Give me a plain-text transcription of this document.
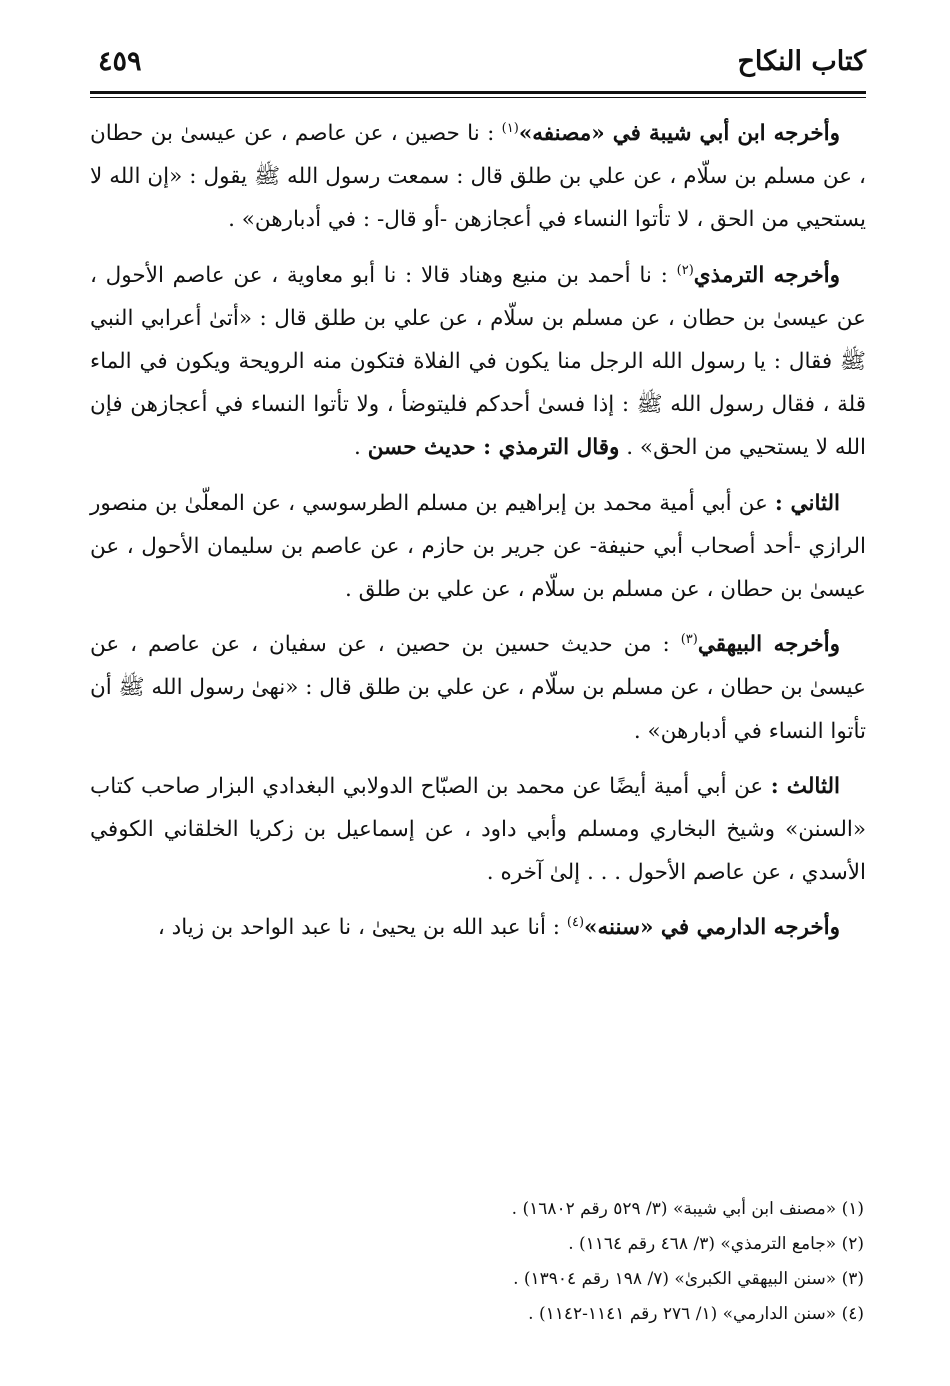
كتاب النكاح
٤٥٩

وأخرجه ابن أبي شيبة في «مصنفه»$^{(١)}$ : نا حصين ، عن عاصم ، عن عيسىٰ بن حطان ، عن مسلم بن سلّام ، عن علي بن طلق قال : سمعت رسول الله ﷺ يقول : «إن الله لا يستحيي من الحق ، لا تأتوا النساء في أعجازهن -أو قال- : في أدبارهن» .

وأخرجه الترمذي$^{(٢)}$ : نا أحمد بن منيع وهناد قالا : نا أبو معاوية ، عن عاصم الأحول ، عن عيسىٰ بن حطان ، عن مسلم بن سلّام ، عن علي بن طلق قال : «أتىٰ أعرابي النبي ﷺ فقال : يا رسول الله الرجل منا يكون في الفلاة فتكون منه الرويحة ويكون في الماء قلة ، فقال رسول الله ﷺ : إذا فسىٰ أحدكم فليتوضأ ، ولا تأتوا النساء في أعجازهن فإن الله لا يستحيي من الحق» . وقال الترمذي : حديث حسن .

الثاني : عن أبي أمية محمد بن إبراهيم بن مسلم الطرسوسي ، عن المعلّىٰ بن منصور الرازي -أحد أصحاب أبي حنيفة- عن جرير بن حازم ، عن عاصم بن سليمان الأحول ، عن عيسىٰ بن حطان ، عن مسلم بن سلّام ، عن علي بن طلق .

وأخرجه البيهقي$^{(٣)}$ : من حديث حسين بن حصين ، عن سفيان ، عن عاصم ، عن عيسىٰ بن حطان ، عن مسلم بن سلّام ، عن علي بن طلق قال : «نهىٰ رسول الله ﷺ أن تأتوا النساء في أدبارهن» .

الثالث : عن أبي أمية أيضًا عن محمد بن الصبّاح الدولابي البغدادي البزار صاحب كتاب «السنن» وشيخ البخاري ومسلم وأبي داود ، عن إسماعيل بن زكريا الخلقاني الكوفي الأسدي ، عن عاصم الأحول . . . إلىٰ آخره .

وأخرجه الدارمي في «سننه»$^{(٤)}$ : أنا عبد الله بن يحيىٰ ، نا عبد الواحد بن زياد ،

(١) «مصنف ابن أبي شيبة» (٣/ ٥٢٩ رقم ١٦٨٠٢) .

(٢) «جامع الترمذي» (٣/ ٤٦٨ رقم ١١٦٤) .

(٣) «سنن البيهقي الكبرىٰ» (٧/ ١٩٨ رقم ١٣٩٠٤) .

(٤) «سنن الدارمي» (١/ ٢٧٦ رقم ١١٤١-١١٤٢) .
